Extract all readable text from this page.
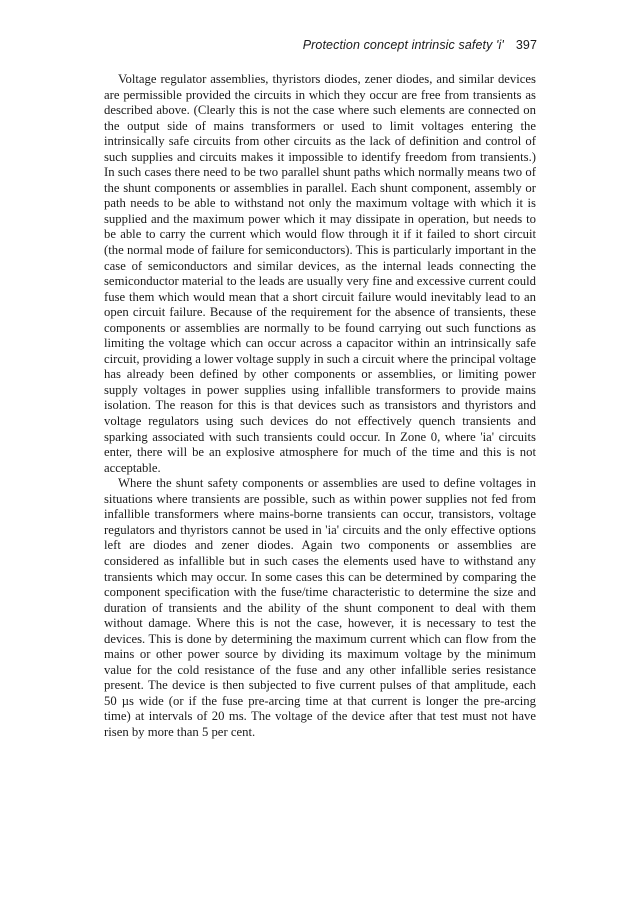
Protection concept intrinsic safety 'i' 397

Voltage regulator assemblies, thyristors diodes, zener diodes, and similar devices are permissible provided the circuits in which they occur are free from transients as described above. (Clearly this is not the case where such elements are connected on the output side of mains transformers or used to limit voltages entering the intrinsically safe circuits from other circuits as the lack of definition and control of such supplies and circuits makes it impossible to identify freedom from transients.) In such cases there need to be two parallel shunt paths which normally means two of the shunt components or assemblies in parallel. Each shunt component, assembly or path needs to be able to withstand not only the maximum voltage with which it is supplied and the maximum power which it may dissipate in operation, but needs to be able to carry the current which would flow through it if it failed to short circuit (the normal mode of failure for semiconductors). This is particularly important in the case of semiconductors and similar devices, as the internal leads connecting the semiconductor material to the leads are usually very fine and excessive current could fuse them which would mean that a short circuit failure would inevitably lead to an open circuit failure. Because of the requirement for the absence of transients, these components or assemblies are normally to be found carrying out such functions as limiting the voltage which can occur across a capacitor within an intrinsically safe circuit, providing a lower voltage supply in such a circuit where the principal voltage has already been defined by other components or assemblies, or limiting power supply voltages in power supplies using infallible transformers to provide mains isolation. The reason for this is that devices such as transistors and thyristors and voltage regulators using such devices do not effectively quench transients and sparking associated with such transients could occur. In Zone 0, where 'ia' circuits enter, there will be an explosive atmosphere for much of the time and this is not acceptable.

Where the shunt safety components or assemblies are used to define voltages in situations where transients are possible, such as within power supplies not fed from infallible transformers where mains-borne transients can occur, transistors, voltage regulators and thyristors cannot be used in 'ia' circuits and the only effective options left are diodes and zener diodes. Again two components or assemblies are considered as infallible but in such cases the elements used have to withstand any transients which may occur. In some cases this can be determined by comparing the component specification with the fuse/time characteristic to determine the size and duration of transients and the ability of the shunt component to deal with them without damage. Where this is not the case, however, it is necessary to test the devices. This is done by determining the maximum current which can flow from the mains or other power source by dividing its maximum voltage by the minimum value for the cold resistance of the fuse and any other infallible series resistance present. The device is then subjected to five current pulses of that amplitude, each 50 µs wide (or if the fuse pre-arcing time at that current is longer the pre-arcing time) at intervals of 20 ms. The voltage of the device after that test must not have risen by more than 5 per cent.
